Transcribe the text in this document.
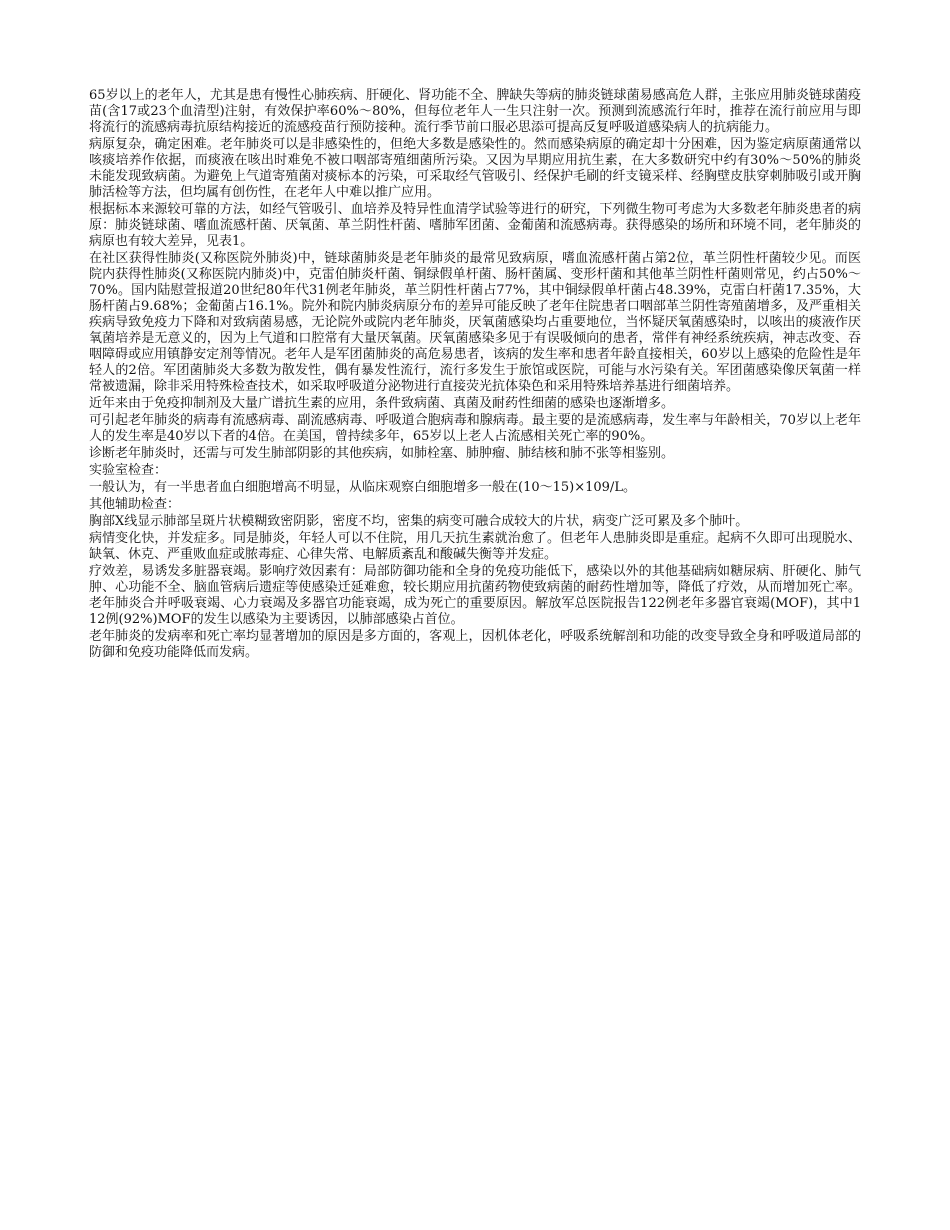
65岁以上的老年人，尤其是患有慢性心肺疾病、肝硬化、肾功能不全、脾缺失等病的肺炎链球菌易感高危人群，主张应用肺炎链球菌疫苗(含17或23个血清型)注射，有效保护率60%～80%，但每位老年人一生只注射一次。预测到流感流行年时，推荐在流行前应用与即将流行的流感病毒抗原结构接近的流感疫苗行预防接种。流行季节前口服必思添可提高反复呼吸道感染病人的抗病能力。

病原复杂，确定困难。老年肺炎可以是非感染性的，但绝大多数是感染性的。然而感染病原的确定却十分困难，因为鉴定病原菌通常以咳痰培养作依据，而痰液在咳出时难免不被口咽部寄殖细菌所污染。又因为早期应用抗生素，在大多数研究中约有30%～50%的肺炎未能发现致病菌。为避免上气道寄殖菌对痰标本的污染，可采取经气管吸引、经保护毛刷的纤支镜采样、经胸壁皮肤穿刺肺吸引或开胸肺活检等方法，但均属有创伤性，在老年人中难以推广应用。

根据标本来源较可靠的方法，如经气管吸引、血培养及特异性血清学试验等进行的研究，下列微生物可考虑为大多数老年肺炎患者的病原：肺炎链球菌、嗜血流感杆菌、厌氧菌、革兰阴性杆菌、嗜肺军团菌、金葡菌和流感病毒。获得感染的场所和环境不同，老年肺炎的病原也有较大差异，见表1。

在社区获得性肺炎(又称医院外肺炎)中，链球菌肺炎是老年肺炎的最常见致病原，嗜血流感杆菌占第2位，革兰阴性杆菌较少见。而医院内获得性肺炎(又称医院内肺炎)中，克雷伯肺炎杆菌、铜绿假单杆菌、肠杆菌属、变形杆菌和其他革兰阴性杆菌则常见，约占50%～70%。国内陆慰萱报道20世纪80年代31例老年肺炎，革兰阴性杆菌占77%，其中铜绿假单杆菌占48.39%，克雷白杆菌17.35%，大肠杆菌占9.68%；金葡菌占16.1%。院外和院内肺炎病原分布的差异可能反映了老年住院患者口咽部革兰阴性寄殖菌增多，及严重相关疾病导致免疫力下降和对致病菌易感，无论院外或院内老年肺炎，厌氧菌感染均占重要地位，当怀疑厌氧菌感染时，以咳出的痰液作厌氧菌培养是无意义的，因为上气道和口腔常有大量厌氧菌。厌氧菌感染多见于有误吸倾向的患者，常伴有神经系统疾病，神志改变、吞咽障碍或应用镇静安定剂等情况。老年人是军团菌肺炎的高危易患者，该病的发生率和患者年龄直接相关，60岁以上感染的危险性是年轻人的2倍。军团菌肺炎大多数为散发性，偶有暴发性流行，流行多发生于旅馆或医院，可能与水污染有关。军团菌感染像厌氧菌一样常被遗漏，除非采用特殊检查技术，如采取呼吸道分泌物进行直接荧光抗体染色和采用特殊培养基进行细菌培养。

近年来由于免疫抑制剂及大量广谱抗生素的应用，条件致病菌、真菌及耐药性细菌的感染也逐渐增多。

可引起老年肺炎的病毒有流感病毒、副流感病毒、呼吸道合胞病毒和腺病毒。最主要的是流感病毒，发生率与年龄相关，70岁以上老年人的发生率是40岁以下者的4倍。在美国，曾持续多年，65岁以上老人占流感相关死亡率的90%。

诊断老年肺炎时，还需与可发生肺部阴影的其他疾病，如肺栓塞、肺肿瘤、肺结核和肺不张等相鉴别。

实验室检查：

一般认为，有一半患者血白细胞增高不明显，从临床观察白细胞增多一般在(10～15)×109/L。

其他辅助检查：

胸部X线显示肺部呈斑片状模糊致密阴影，密度不均，密集的病变可融合成较大的片状，病变广泛可累及多个肺叶。

病情变化快，并发症多。同是肺炎，年轻人可以不住院，用几天抗生素就治愈了。但老年人患肺炎即是重症。起病不久即可出现脱水、缺氧、休克、严重败血症或脓毒症、心律失常、电解质紊乱和酸碱失衡等并发症。

疗效差，易诱发多脏器衰竭。影响疗效因素有：局部防御功能和全身的免疫功能低下，感染以外的其他基础病如糖尿病、肝硬化、肺气肿、心功能不全、脑血管病后遗症等使感染迁延难愈，较长期应用抗菌药物使致病菌的耐药性增加等，降低了疗效，从而增加死亡率。老年肺炎合并呼吸衰竭、心力衰竭及多器官功能衰竭，成为死亡的重要原因。解放军总医院报告122例老年多器官衰竭(MOF)，其中112例(92%)MOF的发生以感染为主要诱因，以肺部感染占首位。

老年肺炎的发病率和死亡率均显著增加的原因是多方面的，客观上，因机体老化，呼吸系统解剖和功能的改变导致全身和呼吸道局部的防御和免疫功能降低而发病。
